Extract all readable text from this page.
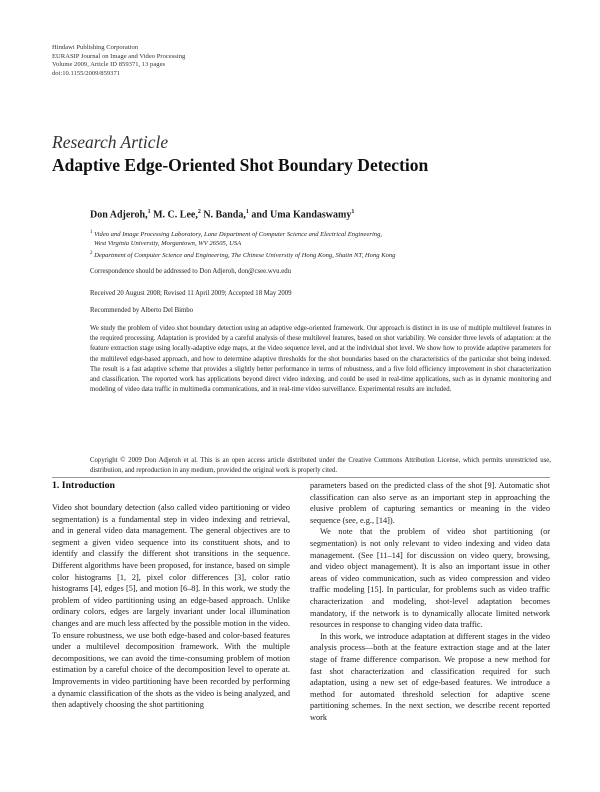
Hindawi Publishing Corporation
EURASIP Journal on Image and Video Processing
Volume 2009, Article ID 859371, 13 pages
doi:10.1155/2009/859371
Research Article
Adaptive Edge-Oriented Shot Boundary Detection
Don Adjeroh,$^1$ M. C. Lee,$^2$ N. Banda,$^1$ and Uma Kandaswamy$^1$
$^1$ Video and Image Processing Laboratory, Lane Department of Computer Science and Electrical Engineering,
West Virginia University, Morgantown, WV 26505, USA
$^2$ Department of Computer Science and Engineering, The Chinese University of Hong Kong, Shatin NT, Hong Kong
Correspondence should be addressed to Don Adjeroh, don@csee.wvu.edu
Received 20 August 2008; Revised 11 April 2009; Accepted 18 May 2009
Recommended by Alberto Del Bimbo
We study the problem of video shot boundary detection using an adaptive edge-oriented framework. Our approach is distinct in its use of multiple multilevel features in the required processing. Adaptation is provided by a careful analysis of these multilevel features, based on shot variability. We consider three levels of adaptation: at the feature extraction stage using locally-adaptive edge maps, at the video sequence level, and at the individual shot level. We show how to provide adaptive parameters for the multilevel edge-based approach, and how to determine adaptive thresholds for the shot boundaries based on the characteristics of the particular shot being indexed. The result is a fast adaptive scheme that provides a slightly better performance in terms of robustness, and a five fold efficiency improvement in shot characterization and classification. The reported work has applications beyond direct video indexing, and could be used in real-time applications, such as in dynamic monitoring and modeling of video data traffic in multimedia communications, and in real-time video surveillance. Experimental results are included.
Copyright © 2009 Don Adjeroh et al. This is an open access article distributed under the Creative Commons Attribution License, which permits unrestricted use, distribution, and reproduction in any medium, provided the original work is properly cited.
1. Introduction

Video shot boundary detection (also called video partitioning or video segmentation) is a fundamental step in video indexing and retrieval, and in general video data management. The general objectives are to segment a given video sequence into its constituent shots, and to identify and classify the different shot transitions in the sequence. Different algorithms have been proposed, for instance, based on simple color histograms [1, 2], pixel color differences [3], color ratio histograms [4], edges [5], and motion [6–8]. In this work, we study the problem of video partitioning using an edge-based approach. Unlike ordinary colors, edges are largely invariant under local illumination changes and are much less affected by the possible motion in the video. To ensure robustness, we use both edge-based and color-based features under a multilevel decomposition framework. With the multiple decompositions, we can avoid the time-consuming problem of motion estimation by a careful choice of the decomposition level to operate at. Improvements in video partitioning have been recorded by performing a dynamic classification of the shots as the video is being analyzed, and then adaptively choosing the shot partitioning

parameters based on the predicted class of the shot [9]. Automatic shot classification can also serve as an important step in approaching the elusive problem of capturing semantics or meaning in the video sequence (see, e.g., [14]).

We note that the problem of video shot partitioning (or segmentation) is not only relevant to video indexing and video data management. (See [11–14] for discussion on video query, browsing, and video object management). It is also an important issue in other areas of video communication, such as video compression and video traffic modeling [15]. In particular, for problems such as video traffic characterization and modeling, shot-level adaptation becomes mandatory, if the network is to dynamically allocate limited network resources in response to changing video data traffic.

In this work, we introduce adaptation at different stages in the video analysis process—both at the feature extraction stage and at the later stage of frame difference comparison. We propose a new method for fast shot characterization and classification required for such adaptation, using a new set of edge-based features. We introduce a method for automated threshold selection for adaptive scene partitioning schemes. In the next section, we describe recent reported work
